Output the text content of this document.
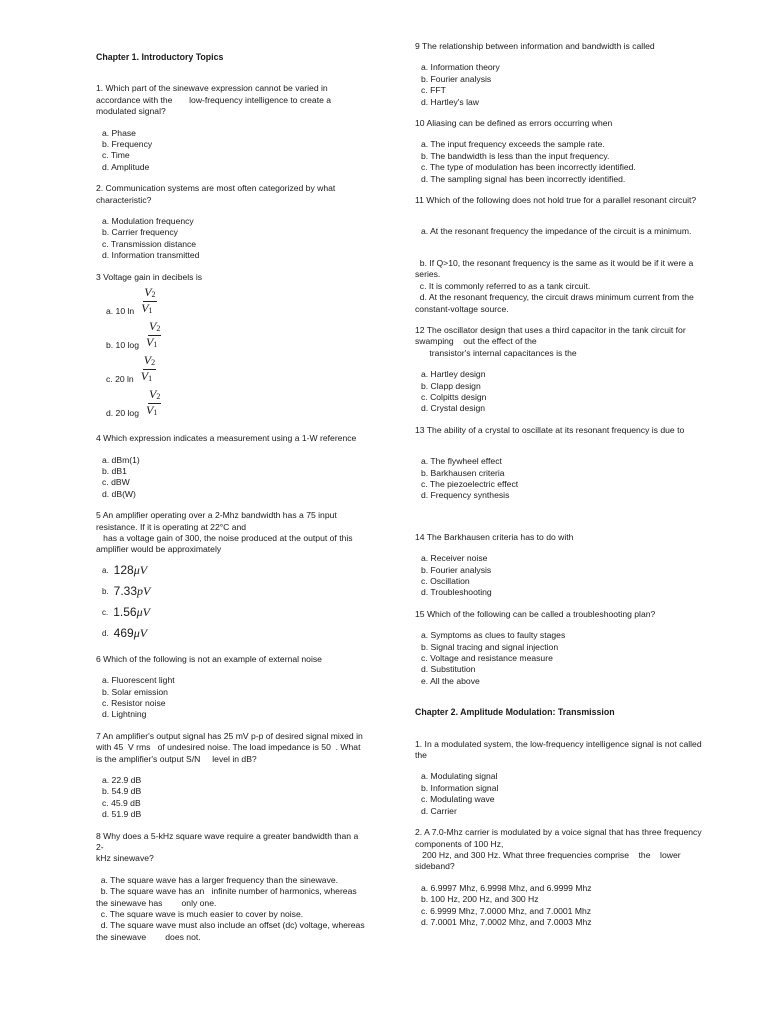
Chapter 1. Introductory Topics
1. Which part of the sinewave expression cannot be varied in
accordance with the       low-frequency intelligence to create a
modulated signal?
a. Phase
b. Frequency
c. Time
d. Amplitude
2. Communication systems are most often categorized by what
characteristic?
a. Modulation frequency
b. Carrier frequency
c. Transmission distance
d. Information transmitted
3 Voltage gain in decibels is
a. 10 $\ln \frac{V_2}{V_1}$
b. 10 $\log \frac{V_2}{V_1}$
c. 20 $\ln \frac{V_2}{V_1}$
d. 20 $\log \frac{V_2}{V_1}$
4 Which expression indicates a measurement using a 1-W reference
a. dBm(1)
b. dB1
c. dBW
d. dB(W)
5 An amplifier operating over a 2-Mhz bandwidth has a 75 input
resistance. If it is operating at 22°C and
has a voltage gain of 300, the noise produced at the output of this
amplifier would be approximately
a. 128μV
b. 7.33pV
c. 1.56μV
d. 469μV
6 Which of the following is not an example of external noise
a. Fluorescent light
b. Solar emission
c. Resistor noise
d. Lightning
7 An amplifier's output signal has 25 mV p-p of desired signal mixed in
with 45  V rms   of undesired noise. The load impedance is 50  . What
is the amplifier's output S/N     level in dB?
a. 22.9 dB
b. 54.9 dB
c. 45.9 dB
d. 51.9 dB
8 Why does a 5-kHz square wave require a greater bandwidth than a 2-
kHz sinewave?
a. The square wave has a larger frequency than the sinewave.
b. The square wave has an   infinite number of harmonics, whereas
the sinewave has        only one.
c. The square wave is much easier to cover by noise.
d. The square wave must also include an offset (dc) voltage, whereas
the sinewave        does not.
9 The relationship between information and bandwidth is called
a. Information theory
b. Fourier analysis
c. FFT
d. Hartley's law
10 Aliasing can be defined as errors occurring when
a. The input frequency exceeds the sample rate.
b. The bandwidth is less than the input frequency.
c. The type of modulation has been incorrectly identified.
d. The sampling signal has been incorrectly identified.
11 Which of the following does not hold true for a parallel resonant circuit?
a. At the resonant frequency the impedance of the circuit is a minimum.
b. If Q>10, the resonant frequency is the same as it would be if it were a
series.
c. It is commonly referred to as a tank circuit.
d. At the resonant frequency, the circuit draws minimum current from the
constant-voltage source.
12 The oscillator design that uses a third capacitor in the tank circuit for
swamping    out the effect of the
transistor's internal capacitances is the
a. Hartley design
b. Clapp design
c. Colpitts design
d. Crystal design
13 The ability of a crystal to oscillate at its resonant frequency is due to
a. The flywheel effect
b. Barkhausen criteria
c. The piezoelectric effect
d. Frequency synthesis
14 The Barkhausen criteria has to do with
a. Receiver noise
b. Fourier analysis
c. Oscillation
d. Troubleshooting
15 Which of the following can be called a troubleshooting plan?
a. Symptoms as clues to faulty stages
b. Signal tracing and signal injection
c. Voltage and resistance measure
d. Substitution
e. All the above
Chapter 2. Amplitude Modulation: Transmission
1. In a modulated system, the low-frequency intelligence signal is not called
the
a. Modulating signal
b. Information signal
c. Modulating wave
d. Carrier
2. A 7.0-Mhz carrier is modulated by a voice signal that has three frequency
components of 100 Hz,
200 Hz, and 300 Hz. What three frequencies comprise    the    lower
sideband?
a. 6.9997 Mhz, 6.9998 Mhz, and 6.9999 Mhz
b. 100 Hz, 200 Hz, and 300 Hz
c. 6.9999 Mhz, 7.0000 Mhz, and 7.0001 Mhz
d. 7.0001 Mhz, 7.0002 Mhz, and 7.0003 Mhz
